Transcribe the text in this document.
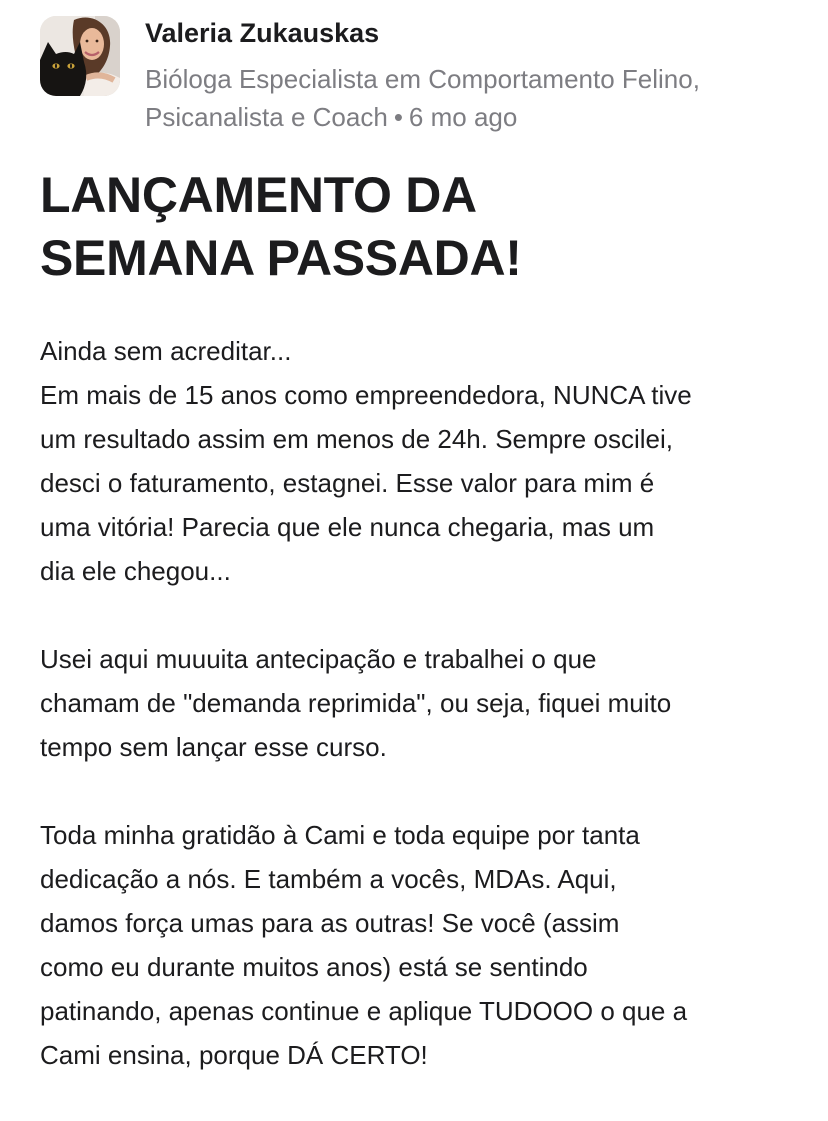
Valeria Zukauskas
Bióloga Especialista em Comportamento Felino,
Psicanalista e Coach • 6 mo ago
LANÇAMENTO DA
SEMANA PASSADA!

Ainda sem acreditar...
Em mais de 15 anos como empreendedora, NUNCA tive
um resultado assim em menos de 24h. Sempre oscilei,
desci o faturamento, estagnei. Esse valor para mim é
uma vitória! Parecia que ele nunca chegaria, mas um
dia ele chegou...

Usei aqui muuuita antecipação e trabalhei o que
chamam de "demanda reprimida", ou seja, fiquei muito
tempo sem lançar esse curso.

Toda minha gratidão à Cami e toda equipe por tanta
dedicação a nós. E também a vocês, MDAs. Aqui,
damos força umas para as outras! Se você (assim
como eu durante muitos anos) está se sentindo
patinando, apenas continue e aplique TUDOOO o que a
Cami ensina, porque DÁ CERTO!
